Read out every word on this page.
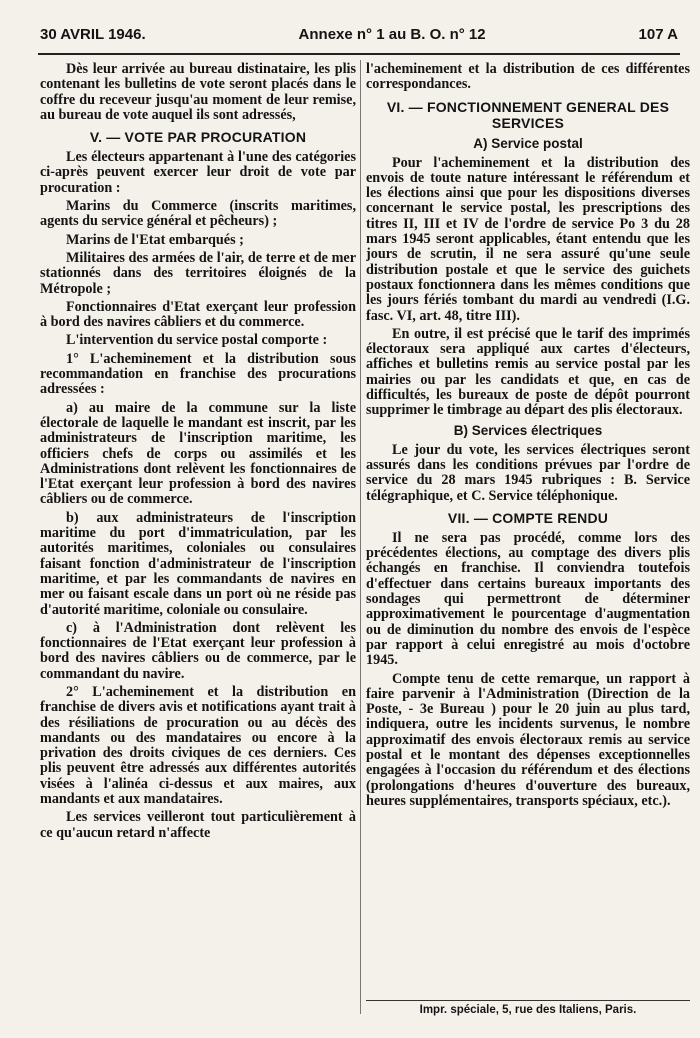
30 AVRIL 1946.	Annexe n° 1 au B. O. n° 12	107 A

Dès leur arrivée au bureau distinataire, les plis contenant les bulletins de vote seront placés dans le coffre du receveur jusqu'au moment de leur remise, au bureau de vote auquel ils sont adressés,

V. — VOTE PAR PROCURATION

Les électeurs appartenant à l'une des catégories ci-après peuvent exercer leur droit de vote par procuration :

Marins du Commerce (inscrits maritimes, agents du service général et pêcheurs) ;

Marins de l'Etat embarqués ;

Militaires des armées de l'air, de terre et de mer stationnés dans des territoires éloignés de la Métropole ;

Fonctionnaires d'Etat exerçant leur profession à bord des navires câbliers et du commerce.

L'intervention du service postal comporte :

1° L'acheminement et la distribution sous recommandation en franchise des procurations adressées :

a) au maire de la commune sur la liste électorale de laquelle le mandant est inscrit, par les administrateurs de l'inscription maritime, les officiers chefs de corps ou assimilés et les Administrations dont relèvent les fonctionnaires de l'Etat exerçant leur profession à bord des navires câbliers ou de commerce.

b) aux administrateurs de l'inscription maritime du port d'immatriculation, par les autorités maritimes, coloniales ou consulaires faisant fonction d'administrateur de l'inscription maritime, et par les commandants de navires en mer ou faisant escale dans un port où ne réside pas d'autorité maritime, coloniale ou consulaire.

c) à l'Administration dont relèvent les fonctionnaires de l'Etat exerçant leur profession à bord des navires câbliers ou de commerce, par le commandant du navire.

2° L'acheminement et la distribution en franchise de divers avis et notifications ayant trait à des résiliations de procuration ou au décès des mandants ou des mandataires ou encore à la privation des droits civiques de ces derniers. Ces plis peuvent être adressés aux différentes autorités visées à l'alinéa ci-dessus et aux maires, aux mandants et aux mandataires.

Les services veilleront tout particulièrement à ce qu'aucun retard n'affecte

l'acheminement et la distribution de ces différentes correspondances.

VI. — FONCTIONNEMENT GENERAL DES SERVICES
A) Service postal

Pour l'acheminement et la distribution des envois de toute nature intéressant le référendum et les élections ainsi que pour les dispositions diverses concernant le service postal, les prescriptions des titres II, III et IV de l'ordre de service Po 3 du 28 mars 1945 seront applicables, étant entendu que les jours de scrutin, il ne sera assuré qu'une seule distribution postale et que le service des guichets postaux fonctionnera dans les mêmes conditions que les jours fériés tombant du mardi au vendredi (I.G. fasc. VI, art. 48, titre III).

En outre, il est précisé que le tarif des imprimés électoraux sera appliqué aux cartes d'électeurs, affiches et bulletins remis au service postal par les mairies ou par les candidats et que, en cas de difficultés, les bureaux de poste de dépôt pourront supprimer le timbrage au départ des plis électoraux.

B) Services électriques

Le jour du vote, les services électriques seront assurés dans les conditions prévues par l'ordre de service du 28 mars 1945 rubriques : B. Service télégraphique, et C. Service téléphonique.

VII. — COMPTE RENDU

Il ne sera pas procédé, comme lors des précédentes élections, au comptage des divers plis échangés en franchise. Il conviendra toutefois d'effectuer dans certains bureaux importants des sondages qui permettront de déterminer approximativement le pourcentage d'augmentation ou de diminution du nombre des envois de l'espèce par rapport à celui enregistré au mois d'octobre 1945.

Compte tenu de cette remarque, un rapport à faire parvenir à l'Administration (Direction de la Poste, - 3e Bureau ) pour le 20 juin au plus tard, indiquera, outre les incidents survenus, le nombre approximatif des envois électoraux remis au service postal et le montant des dépenses exceptionnelles engagées à l'occasion du référendum et des élections (prolongations d'heures d'ouverture des bureaux, heures supplémentaires, transports spéciaux, etc.).

Impr. spéciale, 5, rue des Italiens, Paris.
